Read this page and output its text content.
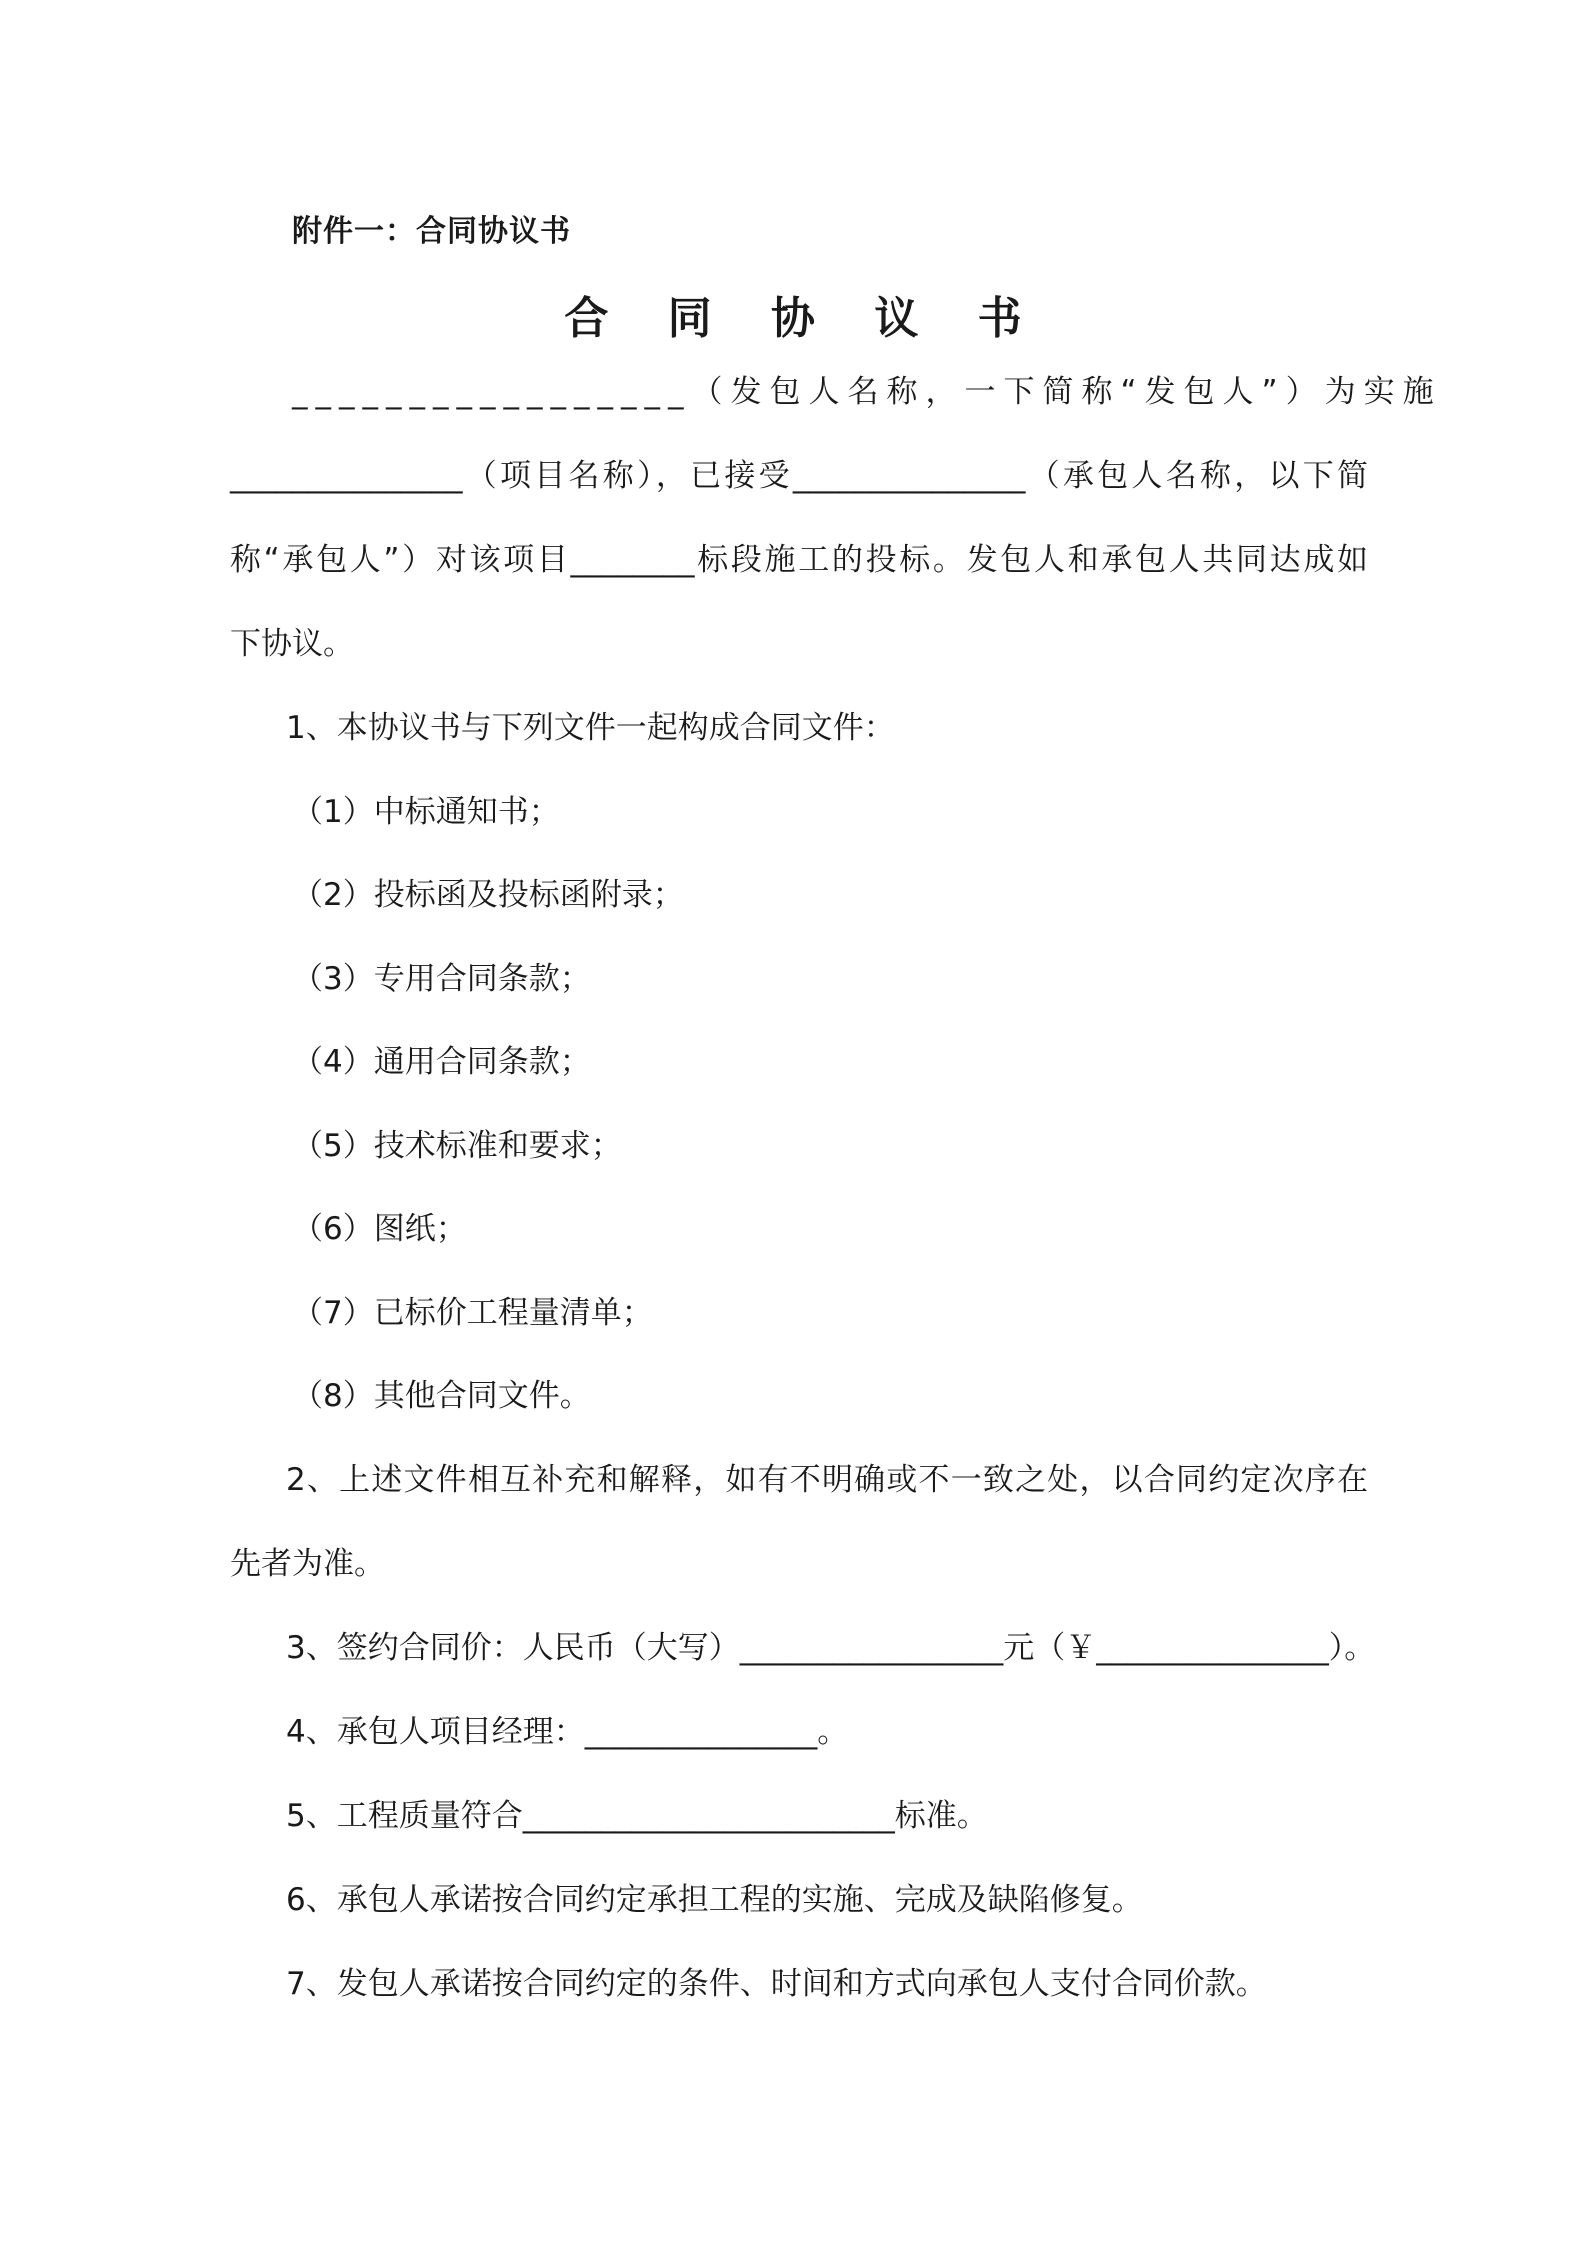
附件一：合同协议书
合 同 协 议 书
_________________（发包人名称，一下简称“发包人”）为实施
_______________（项目名称），已接受_______________（承包人名称，以下简
称“承包人”）对该项目________标段施工的投标。发包人和承包人共同达成如
下协议。
1、本协议书与下列文件一起构成合同文件：
（1）中标通知书；
（2）投标函及投标函附录；
（3）专用合同条款；
（4）通用合同条款；
（5）技术标准和要求；
（6）图纸；
（7）已标价工程量清单；
（8）其他合同文件。
2、上述文件相互补充和解释，如有不明确或不一致之处，以合同约定次序在
先者为准。
3、签约合同价：人民币（大写）_________________元（￥_______________）。
4、承包人项目经理：_______________。
5、工程质量符合________________________标准。
6、承包人承诺按合同约定承担工程的实施、完成及缺陷修复。
7、发包人承诺按合同约定的条件、时间和方式向承包人支付合同价款。
